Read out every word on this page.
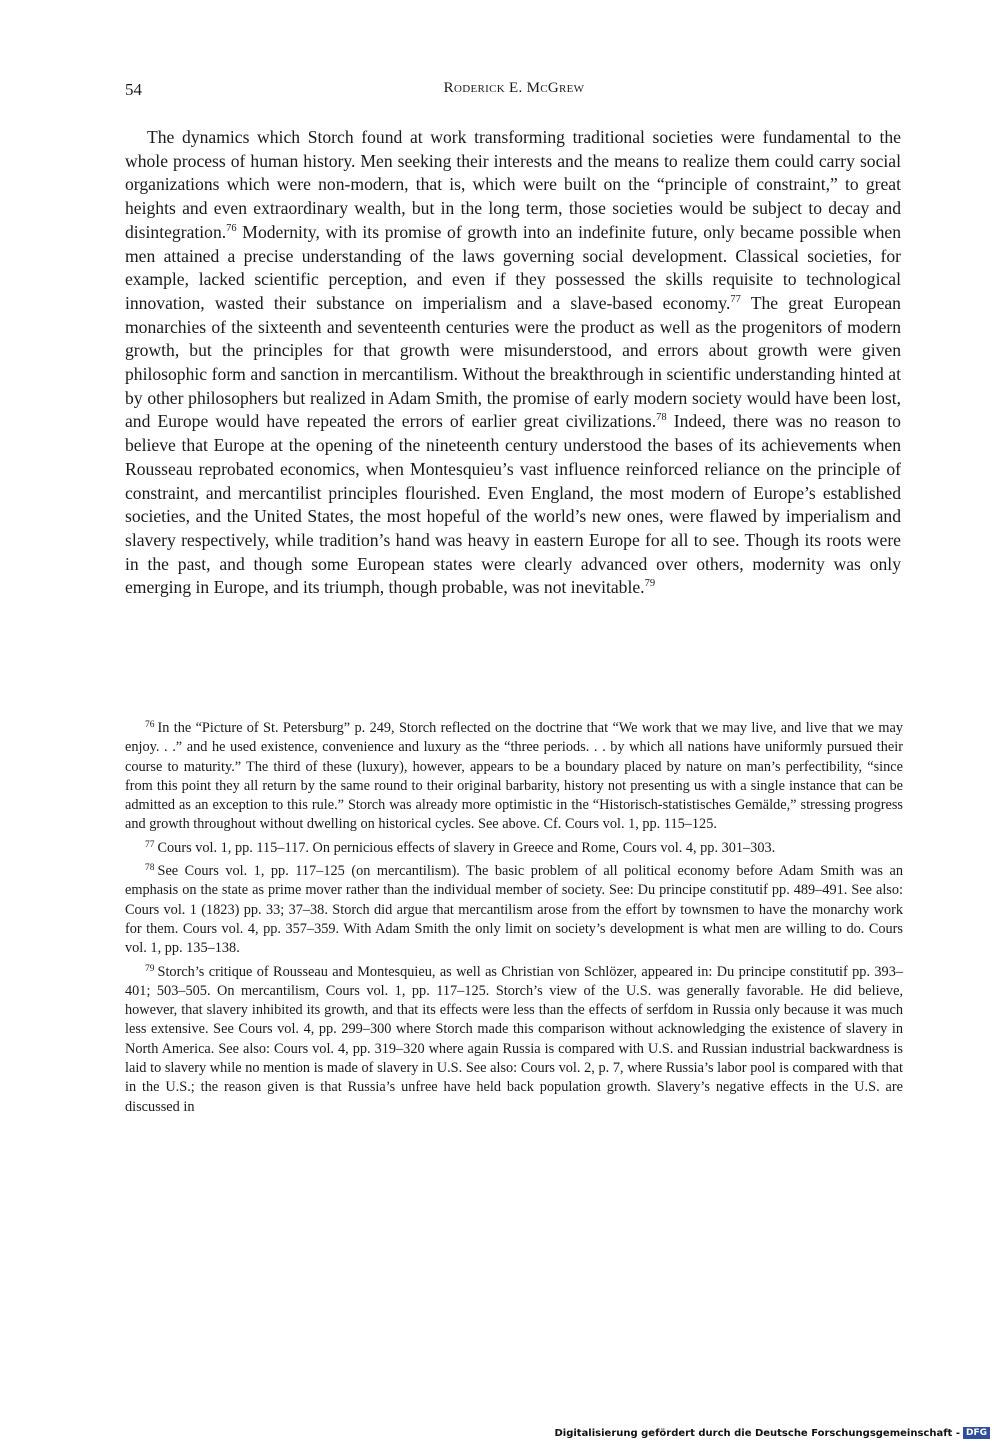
54	Roderick E. McGrew

The dynamics which Storch found at work transforming traditional societies were fundamental to the whole process of human history. Men seeking their interests and the means to realize them could carry social organizations which were non-modern, that is, which were built on the “principle of constraint,” to great heights and even extraordinary wealth, but in the long term, those societies would be subject to decay and disintegration.$^{76}$ Modernity, with its promise of growth into an indefinite future, only became possible when men attained a precise understanding of the laws governing social development. Classical societies, for example, lacked scientific perception, and even if they possessed the skills requisite to technological innovation, wasted their substance on imperialism and a slave-based economy.$^{77}$ The great European monarchies of the sixteenth and seventeenth centuries were the product as well as the progenitors of modern growth, but the principles for that growth were misunderstood, and errors about growth were given philosophic form and sanction in mercantilism. Without the breakthrough in scientific understanding hinted at by other philosophers but realized in Adam Smith, the promise of early modern society would have been lost, and Europe would have repeated the errors of earlier great civilizations.$^{78}$ Indeed, there was no reason to believe that Europe at the opening of the nineteenth century understood the bases of its achievements when Rousseau reprobated economics, when Montesquieu’s vast influence reinforced reliance on the principle of constraint, and mercantilist principles flourished. Even England, the most modern of Europe’s established societies, and the United States, the most hopeful of the world’s new ones, were flawed by imperialism and slavery respectively, while tradition’s hand was heavy in eastern Europe for all to see. Though its roots were in the past, and though some European states were clearly advanced over others, modernity was only emerging in Europe, and its triumph, though probable, was not inevitable.$^{79}$

$^{76}$ In the “Picture of St. Petersburg” p. 249, Storch reflected on the doctrine that “We work that we may live, and live that we may enjoy. . .” and he used existence, convenience and luxury as the “three periods. . . by which all nations have uniformly pursued their course to maturity.” The third of these (luxury), however, appears to be a boundary placed by nature on man’s perfectibility, “since from this point they all return by the same round to their original barbarity, history not presenting us with a single instance that can be admitted as an exception to this rule.” Storch was already more optimistic in the “Historisch-statistisches Gemälde,” stressing progress and growth throughout without dwelling on historical cycles. See above. Cf. Cours vol. 1, pp. 115–125.

$^{77}$ Cours vol. 1, pp. 115–117. On pernicious effects of slavery in Greece and Rome, Cours vol. 4, pp. 301–303.

$^{78}$ See Cours vol. 1, pp. 117–125 (on mercantilism). The basic problem of all political economy before Adam Smith was an emphasis on the state as prime mover rather than the individual member of society. See: Du principe constitutif pp. 489–491. See also: Cours vol. 1 (1823) pp. 33; 37–38. Storch did argue that mercantilism arose from the effort by townsmen to have the monarchy work for them. Cours vol. 4, pp. 357–359. With Adam Smith the only limit on society’s development is what men are willing to do. Cours vol. 1, pp. 135–138.

$^{79}$ Storch’s critique of Rousseau and Montesquieu, as well as Christian von Schlözer, appeared in: Du principe constitutif pp. 393–401; 503–505. On mercantilism, Cours vol. 1, pp. 117–125. Storch’s view of the U.S. was generally favorable. He did believe, however, that slavery inhibited its growth, and that its effects were less than the effects of serfdom in Russia only because it was much less extensive. See Cours vol. 4, pp. 299–300 where Storch made this comparison without acknowledging the existence of slavery in North America. See also: Cours vol. 4, pp. 319–320 where again Russia is compared with U.S. and Russian industrial backwardness is laid to slavery while no mention is made of slavery in U.S. See also: Cours vol. 2, p. 7, where Russia’s labor pool is compared with that in the U.S.; the reason given is that Russia’s unfree have held back population growth. Slavery’s negative effects in the U.S. are discussed in

Digitalisierung gefördert durch die Deutsche Forschungsgemeinschaft - DFG
